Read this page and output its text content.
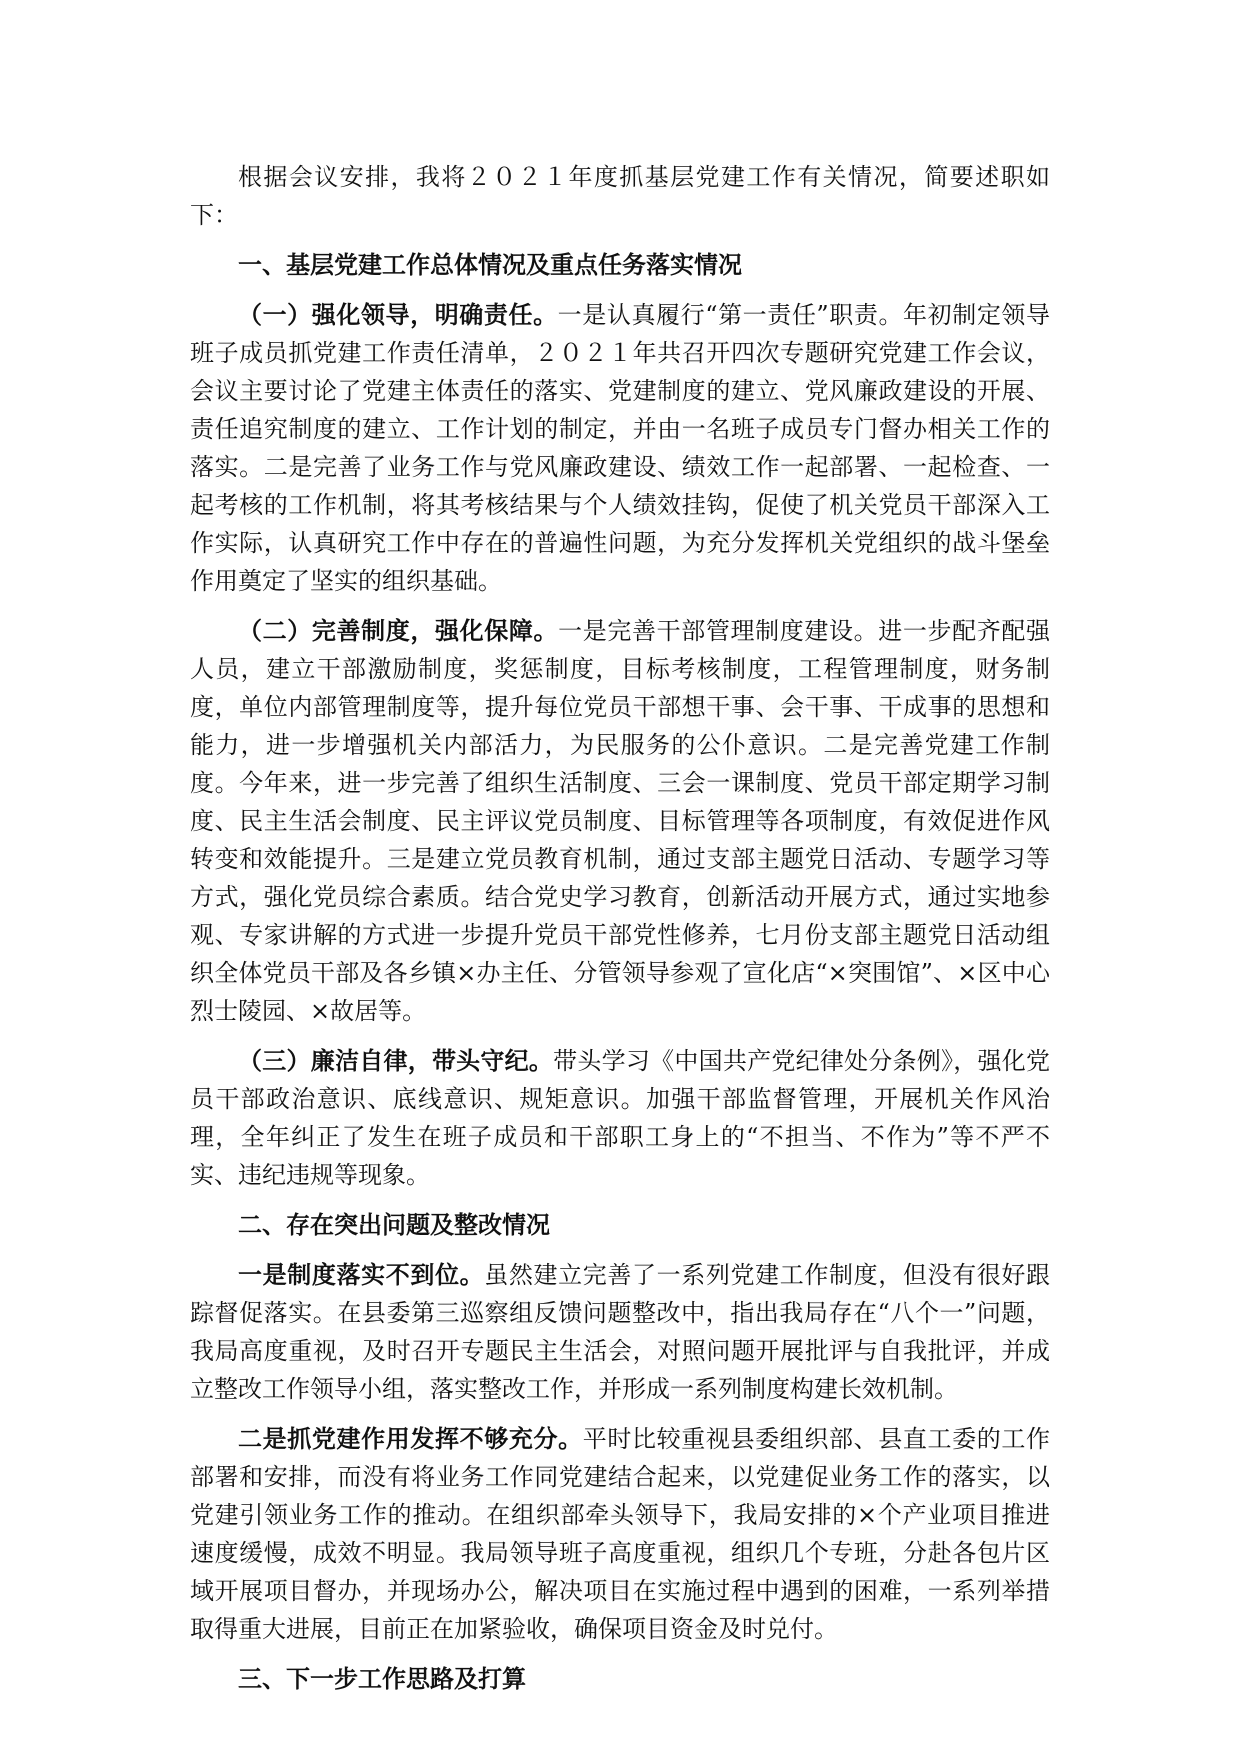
根据会议安排，我将２０２１年度抓基层党建工作有关情况，简要述职如下：

一、基层党建工作总体情况及重点任务落实情况

（一）强化领导，明确责任。一是认真履行“第一责任”职责。年初制定领导班子成员抓党建工作责任清单，２０２１年共召开四次专题研究党建工作会议，会议主要讨论了党建主体责任的落实、党建制度的建立、党风廉政建设的开展、责任追究制度的建立、工作计划的制定，并由一名班子成员专门督办相关工作的落实。二是完善了业务工作与党风廉政建设、绩效工作一起部署、一起检查、一起考核的工作机制，将其考核结果与个人绩效挂钩，促使了机关党员干部深入工作实际，认真研究工作中存在的普遍性问题，为充分发挥机关党组织的战斗堡垒作用奠定了坚实的组织基础。

（二）完善制度，强化保障。一是完善干部管理制度建设。进一步配齐配强人员，建立干部激励制度，奖惩制度，目标考核制度，工程管理制度，财务制度，单位内部管理制度等，提升每位党员干部想干事、会干事、干成事的思想和能力，进一步增强机关内部活力，为民服务的公仆意识。二是完善党建工作制度。今年来，进一步完善了组织生活制度、三会一课制度、党员干部定期学习制度、民主生活会制度、民主评议党员制度、目标管理等各项制度，有效促进作风转变和效能提升。三是建立党员教育机制，通过支部主题党日活动、专题学习等方式，强化党员综合素质。结合党史学习教育，创新活动开展方式，通过实地参观、专家讲解的方式进一步提升党员干部党性修养，七月份支部主题党日活动组织全体党员干部及各乡镇×办主任、分管领导参观了宣化店“×突围馆”、×区中心烈士陵园、×故居等。

（三）廉洁自律，带头守纪。带头学习《中国共产党纪律处分条例》，强化党员干部政治意识、底线意识、规矩意识。加强干部监督管理，开展机关作风治理，全年纠正了发生在班子成员和干部职工身上的“不担当、不作为”等不严不实、违纪违规等现象。

二、存在突出问题及整改情况

一是制度落实不到位。虽然建立完善了一系列党建工作制度，但没有很好跟踪督促落实。在县委第三巡察组反馈问题整改中，指出我局存在“八个一”问题，我局高度重视，及时召开专题民主生活会，对照问题开展批评与自我批评，并成立整改工作领导小组，落实整改工作，并形成一系列制度构建长效机制。

二是抓党建作用发挥不够充分。平时比较重视县委组织部、县直工委的工作部署和安排，而没有将业务工作同党建结合起来，以党建促业务工作的落实，以党建引领业务工作的推动。在组织部牵头领导下，我局安排的×个产业项目推进速度缓慢，成效不明显。我局领导班子高度重视，组织几个专班，分赴各包片区域开展项目督办，并现场办公，解决项目在实施过程中遇到的困难，一系列举措取得重大进展，目前正在加紧验收，确保项目资金及时兑付。

三、下一步工作思路及打算
